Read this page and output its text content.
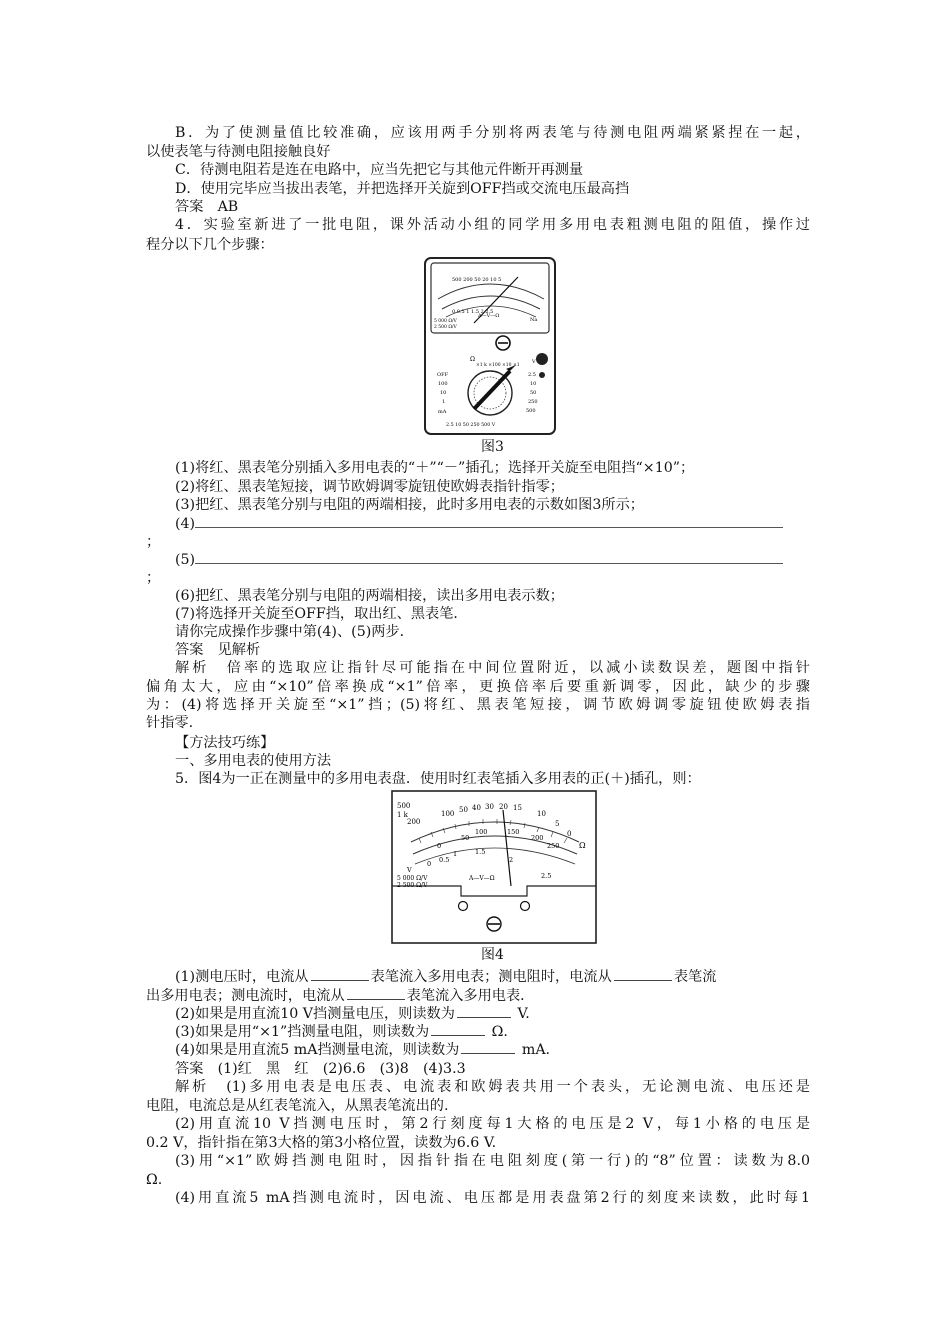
B．为了使测量值比较准确，应该用两手分别将两表笔与待测电阻两端紧紧捏在一起，
以使表笔与待测电阻接触良好
C．待测电阻若是连在电路中，应当先把它与其他元件断开再测量
D．使用完毕应当拔出表笔，并把选择开关旋到OFF挡或交流电压最高挡
答案　AB
4．实验室新进了一批电阻，课外活动小组的同学用多用电表粗测电阻的阻值，操作过
程分以下几个步骤：
500 200 50 20 10 5
0 0.5 1 1.5 2 2.5
5 000 Ω/V
2 500 Ω/V
A—V—Ω
Na
Ω
×1 k ×100 ×10 ×1
OFF
100
10
1
mA
2.5
10
50
250
500
2.5 10 50 250 500 V
V
图3
(1)将红、黑表笔分别插入多用电表的“＋”“－”插孔；选择开关旋至电阻挡“×10”；
(2)将红、黑表笔短接，调节欧姆调零旋钮使欧姆表指针指零；
(3)把红、黑表笔分别与电阻的两端相接，此时多用电表的示数如图3所示；
(4)
；
(5)
；
(6)把红、黑表笔分别与电阻的两端相接，读出多用电表示数；
(7)将选择开关旋至OFF挡，取出红、黑表笔．
请你完成操作步骤中第(4)、(5)两步．
答案　见解析
解析　倍率的选取应让指针尽可能指在中间位置附近，以减小读数误差，题图中指针
偏角太大，应由“×10”倍率换成“×1”倍率，更换倍率后要重新调零，因此，缺少的步骤
为：(4)将选择开关旋至“×1”挡；(5)将红、黑表笔短接，调节欧姆调零旋钮使欧姆表指
针指零.
【方法技巧练】
一、多用电表的使用方法
5．图4为一正在测量中的多用电表盘．使用时红表笔插入多用表的正(＋)插孔，则：
500
1 k
200
100 50 40 30 20 15
10
5
0
Ω
0
50
100	150
200
250
0 0.5
1	1.5
2
2.5
V
5 000 Ω/V
2 500 Ω/V
A—V—Ω
图4
(1)测电压时，电流从	表笔流入多用电表；测电阻时，电流从	表笔流
出多用电表；测电流时，电流从	表笔流入多用电表．
(2)如果是用直流10 V挡测量电压，则读数为	V.
(3)如果是用“×1”挡测量电阻，则读数为	Ω.
(4)如果是用直流5 mA挡测量电流，则读数为	mA.
答案　(1)红　黑　红　(2)6.6　(3)8　(4)3.3
解析　(1)多用电表是电压表、电流表和欧姆表共用一个表头，无论测电流、电压还是
电阻，电流总是从红表笔流入，从黑表笔流出的.
(2)用直流10 V挡测电压时，第2行刻度每1大格的电压是2 V，每1小格的电压是
0.2 V，指针指在第3大格的第3小格位置，读数为6.6 V.
(3)用“×1”欧姆挡测电阻时，因指针指在电阻刻度(第一行)的“8”位置：读数为8.0
Ω.
(4)用直流5 mA挡测电流时，因电流、电压都是用表盘第2行的刻度来读数，此时每1
